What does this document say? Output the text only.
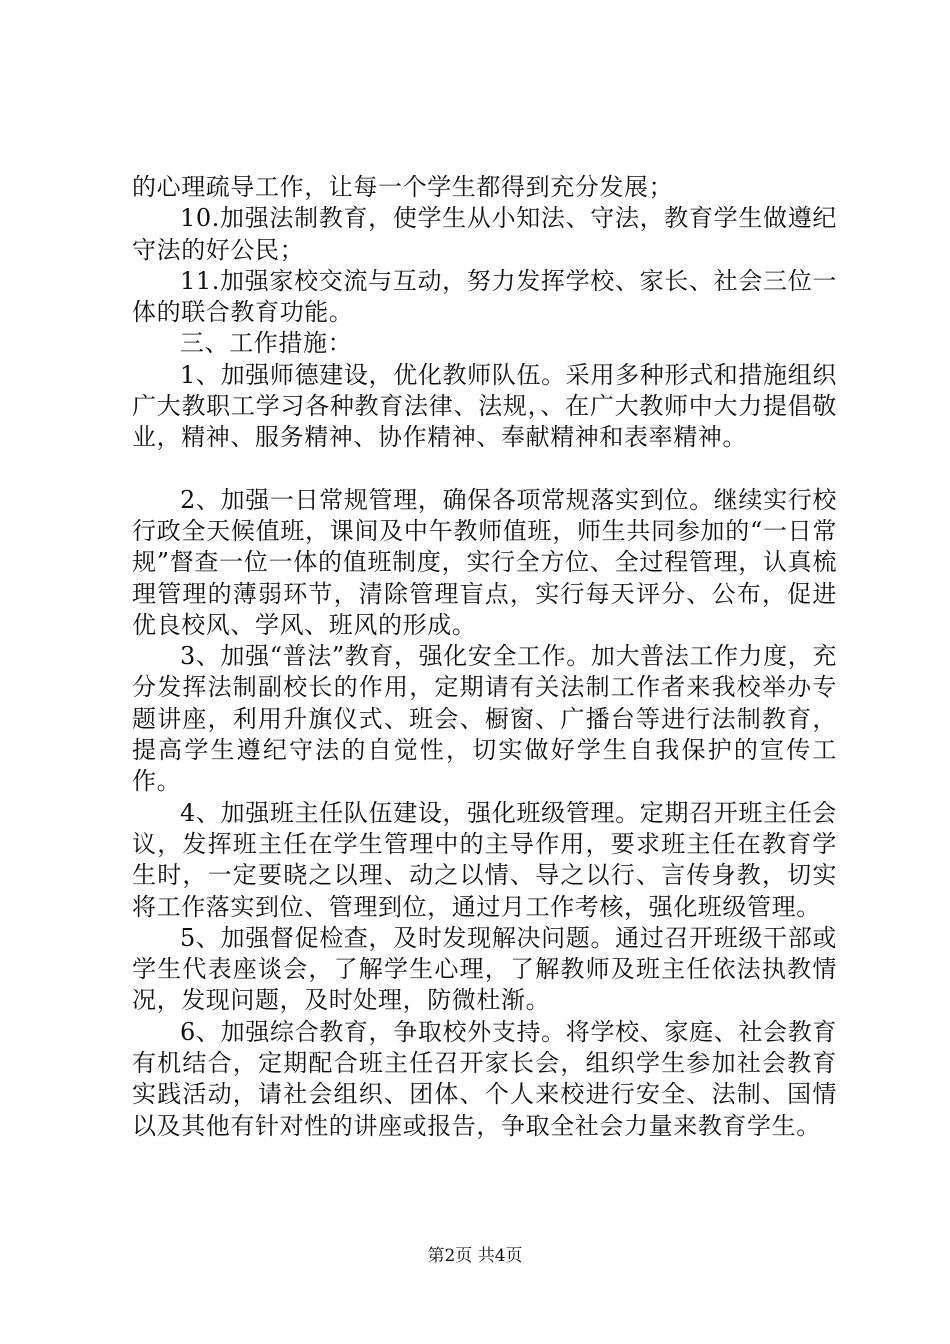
的心理疏导工作，让每一个学生都得到充分发展；

10.加强法制教育，使学生从小知法、守法，教育学生做遵纪守法的好公民；

11.加强家校交流与互动，努力发挥学校、家长、社会三位一体的联合教育功能。

三、工作措施：

1、加强师德建设，优化教师队伍。采用多种形式和措施组织广大教职工学习各种教育法律、法规，、在广大教师中大力提倡敬业，精神、服务精神、协作精神、奉献精神和表率精神。

2、加强一日常规管理，确保各项常规落实到位。继续实行校行政全天候值班，课间及中午教师值班，师生共同参加的“一日常规”督查一位一体的值班制度，实行全方位、全过程管理，认真梳理管理的薄弱环节，清除管理盲点，实行每天评分、公布，促进优良校风、学风、班风的形成。

3、加强“普法”教育，强化安全工作。加大普法工作力度，充分发挥法制副校长的作用，定期请有关法制工作者来我校举办专题讲座，利用升旗仪式、班会、橱窗、广播台等进行法制教育，提高学生遵纪守法的自觉性，切实做好学生自我保护的宣传工作。

4、加强班主任队伍建设，强化班级管理。定期召开班主任会议，发挥班主任在学生管理中的主导作用，要求班主任在教育学生时，一定要晓之以理、动之以情、导之以行、言传身教，切实将工作落实到位、管理到位，通过月工作考核，强化班级管理。

5、加强督促检查，及时发现解决问题。通过召开班级干部或学生代表座谈会，了解学生心理，了解教师及班主任依法执教情况，发现问题，及时处理，防微杜渐。

6、加强综合教育，争取校外支持。将学校、家庭、社会教育有机结合，定期配合班主任召开家长会，组织学生参加社会教育实践活动，请社会组织、团体、个人来校进行安全、法制、国情以及其他有针对性的讲座或报告，争取全社会力量来教育学生。

第2页 共4页
